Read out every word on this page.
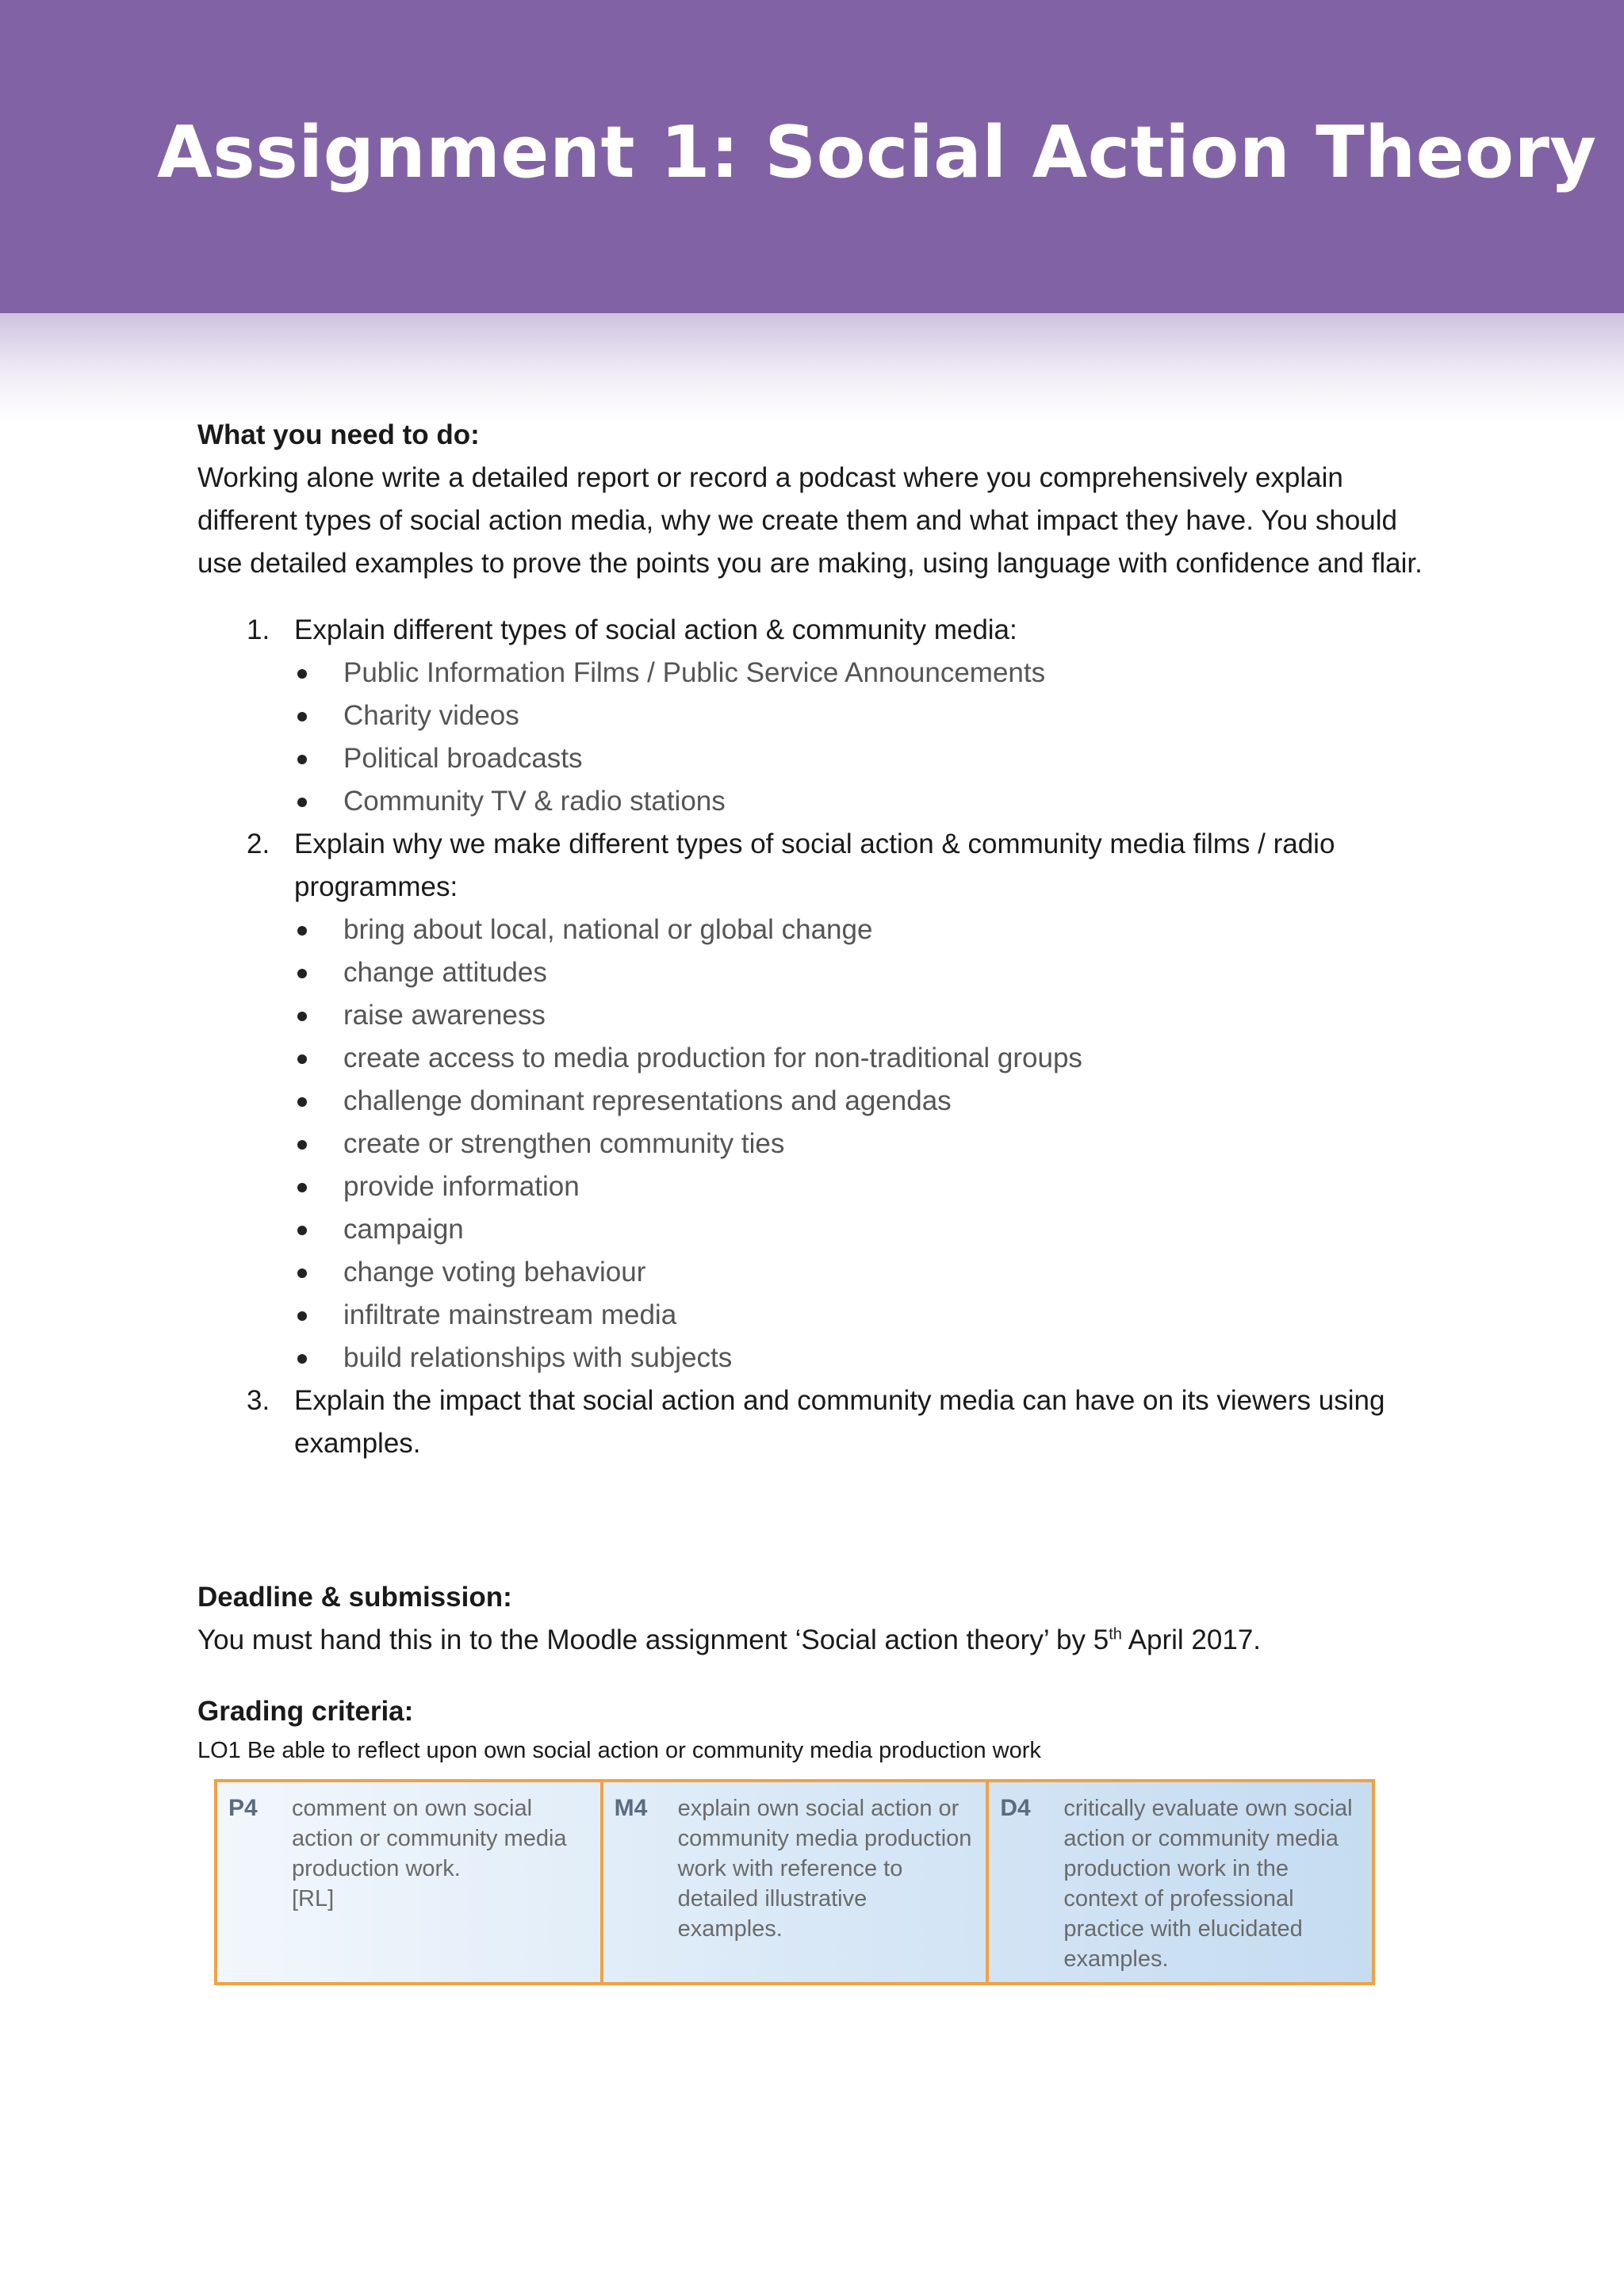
Assignment 1: Social Action Theory

What you need to do:

Working alone write a detailed report or record a podcast where you comprehensively explain different types of social action media, why we create them and what impact they have. You should use detailed examples to prove the points you are making, using language with confidence and flair.

1. Explain different types of social action & community media:
Public Information Films / Public Service Announcements
Charity videos
Political broadcasts
Community TV & radio stations
2. Explain why we make different types of social action & community media films / radio programmes:
bring about local, national or global change
change attitudes
raise awareness
create access to media production for non-traditional groups
challenge dominant representations and agendas
create or strengthen community ties
provide information
campaign
change voting behaviour
infiltrate mainstream media
build relationships with subjects
3. Explain the impact that social action and community media can have on its viewers using examples.

Deadline & submission:

You must hand this in to the Moodle assignment ‘Social action theory’ by 5th April 2017.

Grading criteria:

LO1 Be able to reflect upon own social action or community media production work

P4	comment on own social action or community media production work.
[RL]
M4	explain own social action or community media production work with reference to detailed illustrative examples.
D4	critically evaluate own social action or community media production work in the context of professional practice with elucidated examples.
